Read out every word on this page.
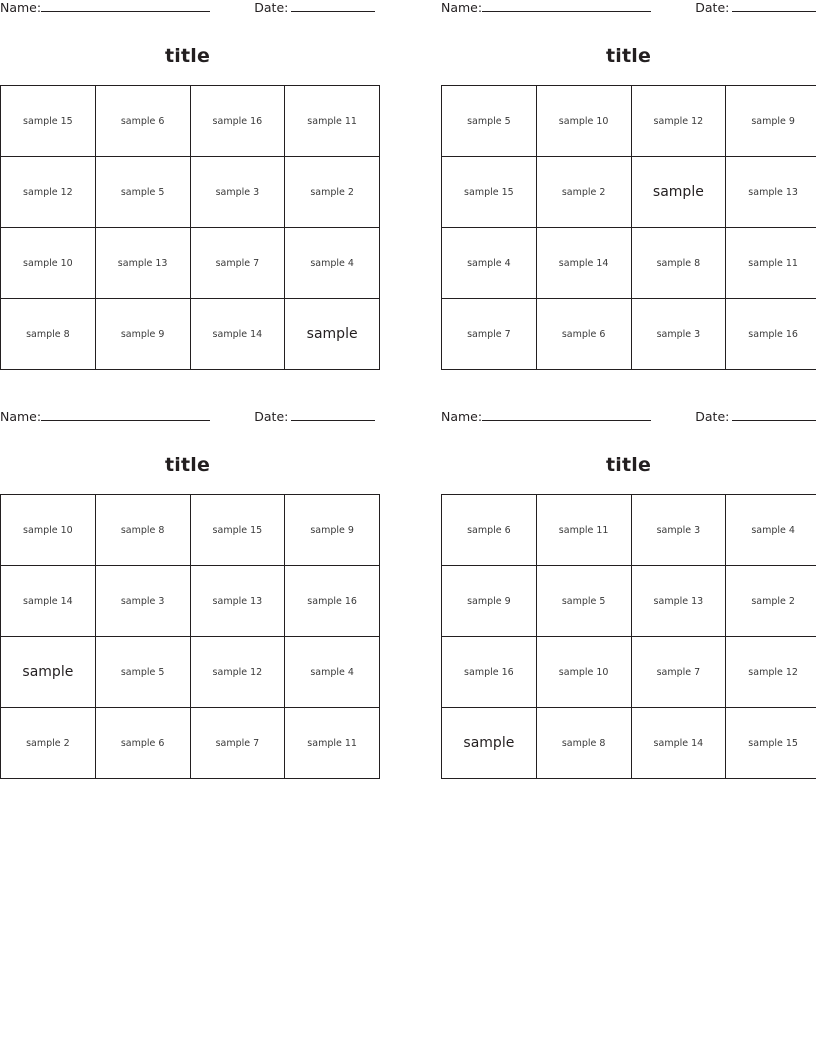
Name:	Date:
title
sample 15	sample 6	sample 16	sample 11
sample 12	sample 5	sample 3	sample 2
sample 10	sample 13	sample 7	sample 4
sample 8	sample 9	sample 14	sample
Name:	Date:
title
sample 5	sample 10	sample 12	sample 9
sample 15	sample 2	sample	sample 13
sample 4	sample 14	sample 8	sample 11
sample 7	sample 6	sample 3	sample 16
Name:	Date:
title
sample 10	sample 8	sample 15	sample 9
sample 14	sample 3	sample 13	sample 16
sample	sample 5	sample 12	sample 4
sample 2	sample 6	sample 7	sample 11
Name:	Date:
title
sample 6	sample 11	sample 3	sample 4
sample 9	sample 5	sample 13	sample 2
sample 16	sample 10	sample 7	sample 12
sample	sample 8	sample 14	sample 15
